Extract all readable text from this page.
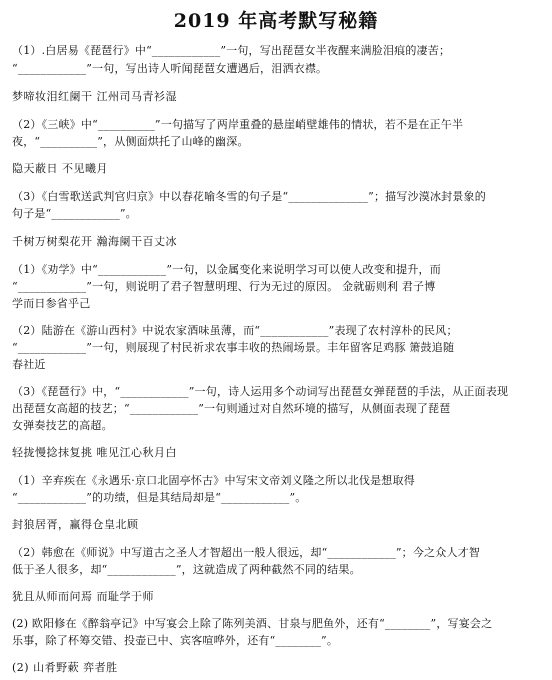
2019 年高考默写秘籍
（1）.白居易《琵琶行》中“____________”一句，写出琵琶女半夜醒来满脸泪痕的凄苦；
“____________”一句，写出诗人听闻琵琶女遭遇后，泪洒衣襟。
梦啼妆泪红阑干 江州司马青衫湿
（2）《三峡》中“__________”一句描写了两岸重叠的悬崖峭壁雄伟的情状，若不是在正午半
夜，“__________”，从侧面烘托了山峰的幽深。
隐天蔽日 不见曦月
（3）《白雪歌送武判官归京》中以春花喻冬雪的句子是“______________”；描写沙漠冰封景象的
句子是“____________”。
千树万树梨花开 瀚海阑干百丈冰
（1）《劝学》中“____________”一句，以金属变化来说明学习可以使人改变和提升，而
“____________”一句，则说明了君子智慧明理、行为无过的原因。 金就砺则利 君子博
学而日参省乎己
（2）陆游在《游山西村》中说农家酒味虽薄，而“____________”表现了农村淳朴的民风；
“____________”一句，则展现了村民祈求农事丰收的热闹场景。丰年留客足鸡豚 箫鼓追随
春社近
（3）《琵琶行》中，“____________”一句，诗人运用多个动词写出琵琶女弹琵琶的手法，从正面表现
出琵琶女高超的技艺；“____________”一句则通过对自然环境的描写，从侧面表现了琵琶
女弹奏技艺的高超。
轻拢慢捻抹复挑 唯见江心秋月白
（1）辛弃疾在《永遇乐·京口北固亭怀古》中写宋文帝刘义隆之所以北伐是想取得
“____________”的功绩，但是其结局却是“____________”。
封狼居胥，赢得仓皇北顾
（2）韩愈在《师说》中写道古之圣人才智超出一般人很远，却“____________”；今之众人才智
低于圣人很多，却“____________”，这就造成了两种截然不同的结果。
犹且从师而问焉 而耻学于师
(2) 欧阳修在《醉翁亭记》中写宴会上除了陈列美酒、甘泉与肥鱼外，还有“________”，写宴会之
乐事，除了杯筹交错、投壶已中、宾客喧哗外，还有“________”。
(2) 山肴野蔌 弈者胜
